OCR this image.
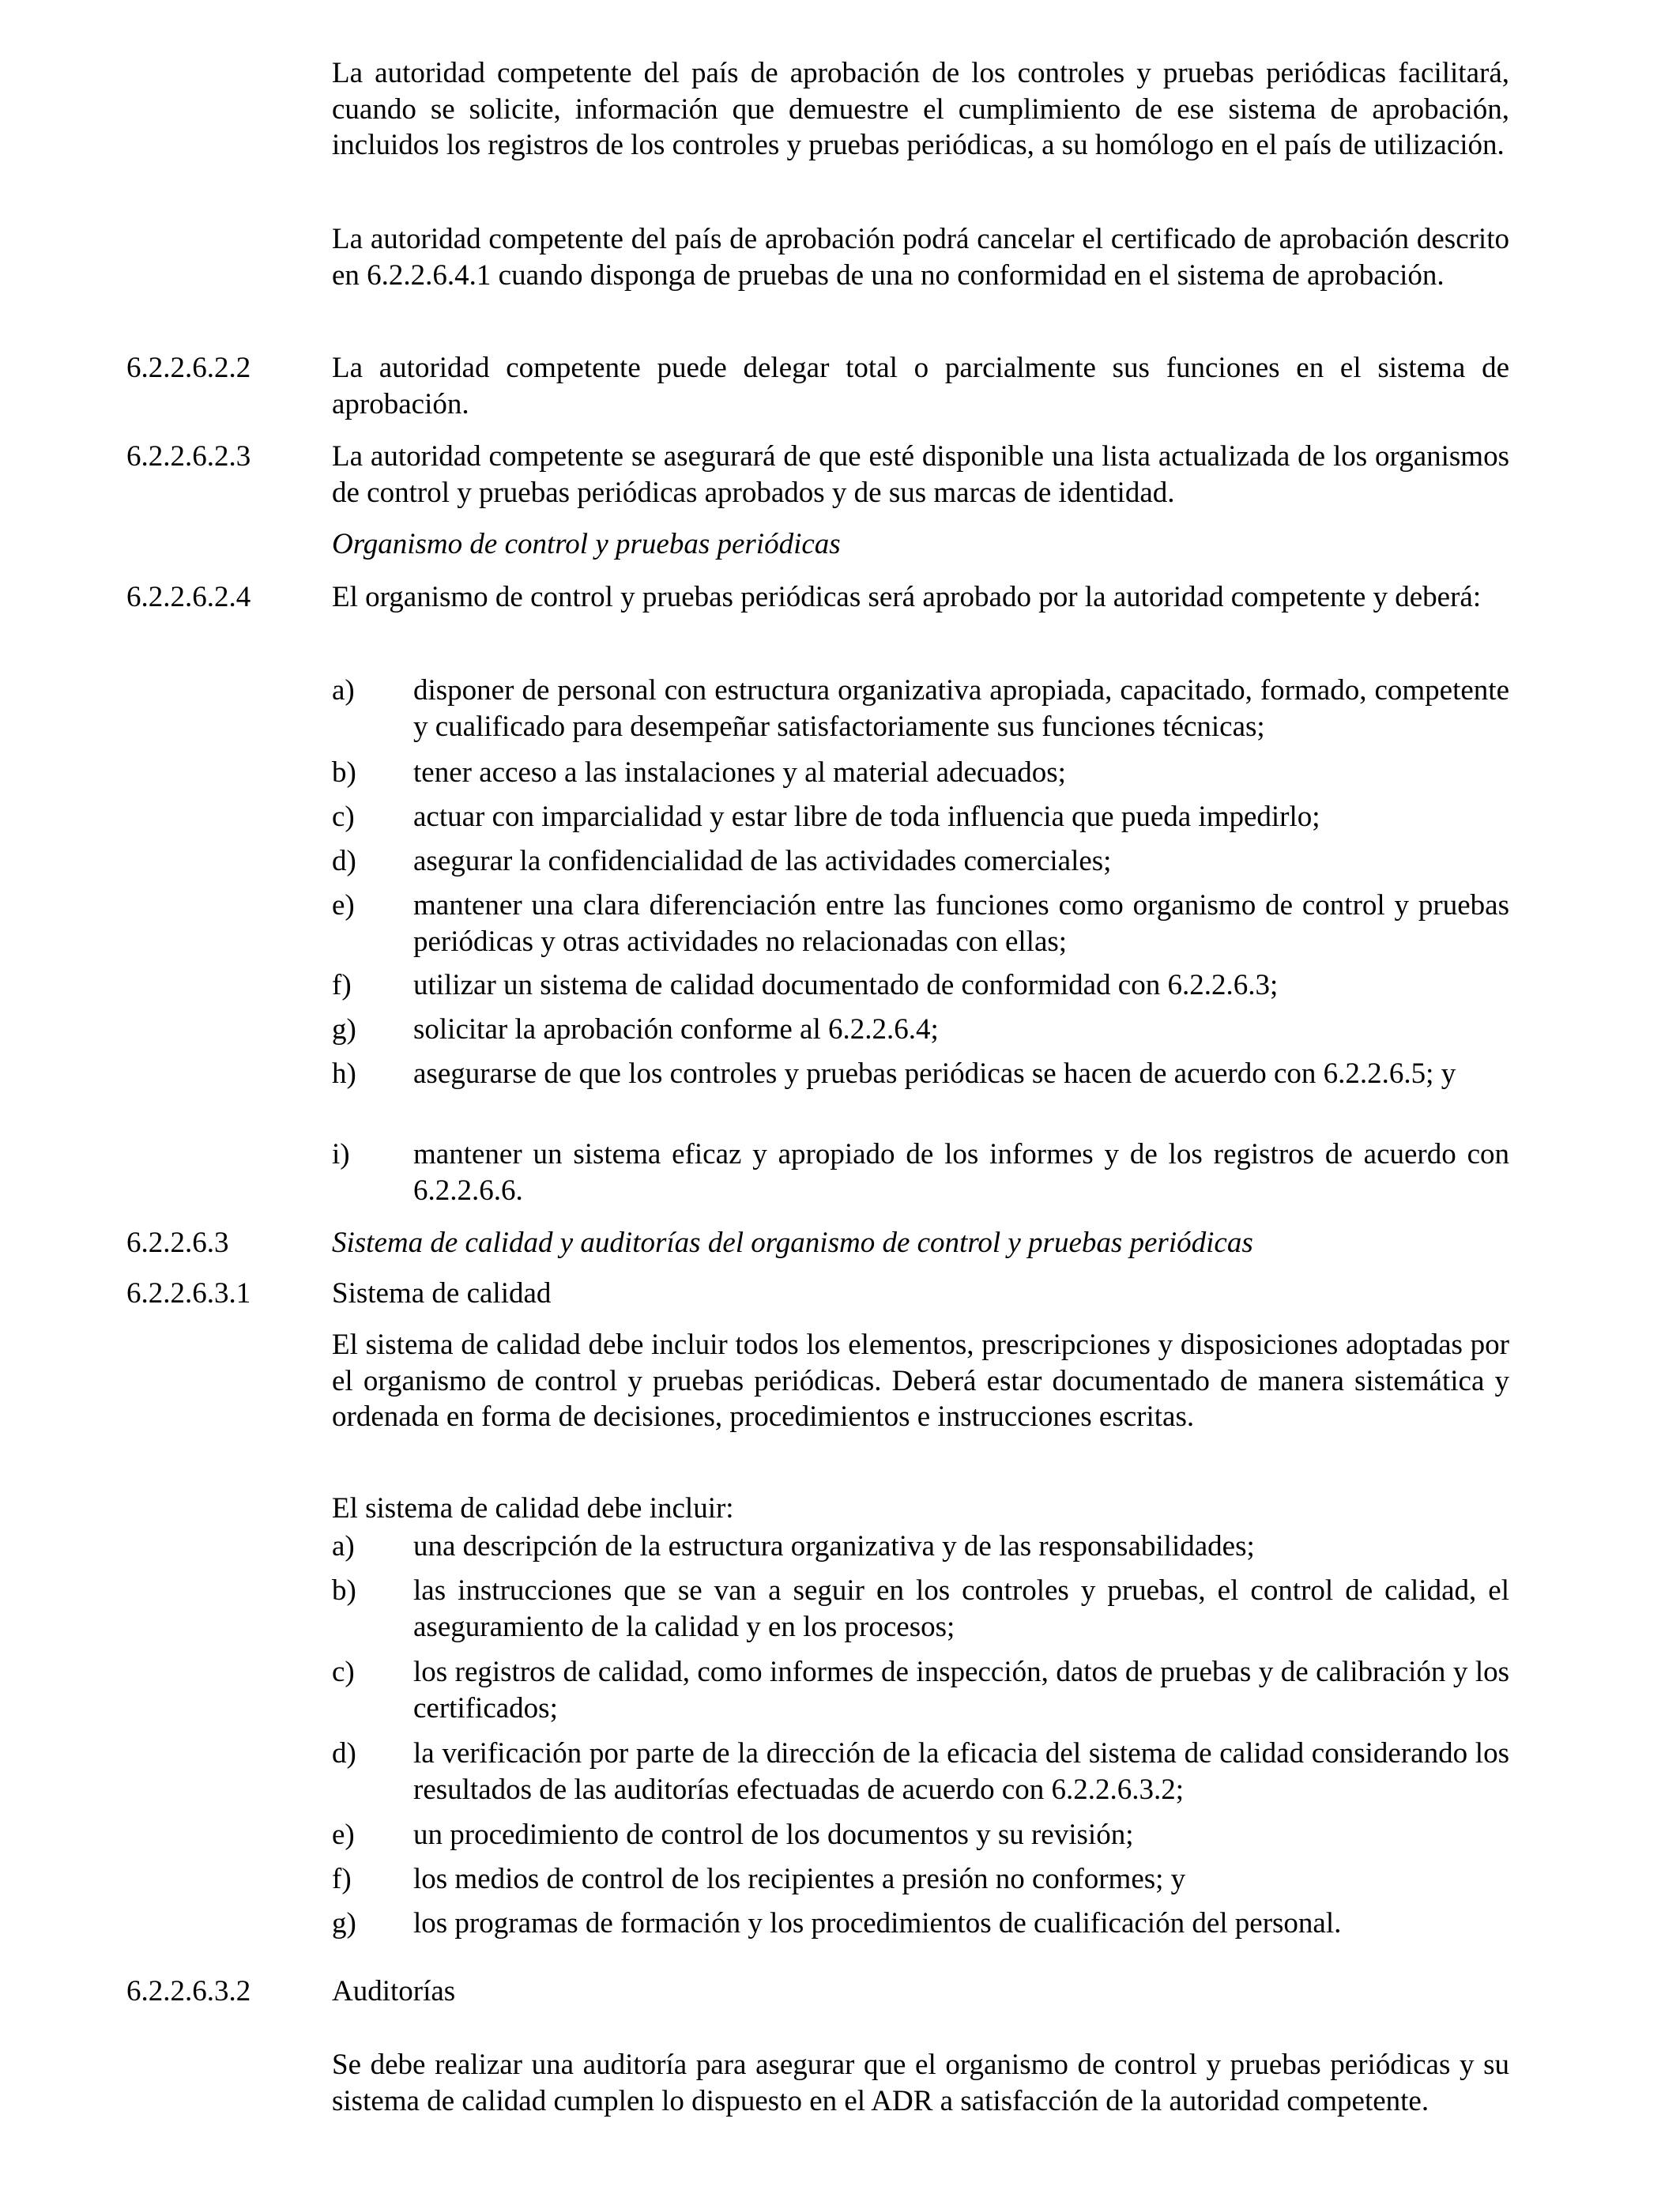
La autoridad competente del país de aprobación de los controles y pruebas periódicas facilitará, cuando se solicite, información que demuestre el cumplimiento de ese sistema de aprobación, incluidos los registros de los controles y pruebas periódicas, a su homólogo en el país de utilización.

La autoridad competente del país de aprobación podrá cancelar el certificado de aprobación descrito en 6.2.2.6.4.1 cuando disponga de pruebas de una no conformidad en el sistema de aprobación.

6.2.2.6.2.2	La autoridad competente puede delegar total o parcialmente sus funciones en el sistema de aprobación.

6.2.2.6.2.3	La autoridad competente se asegurará de que esté disponible una lista actualizada de los organismos de control y pruebas periódicas aprobados y de sus marcas de identidad.

Organismo de control y pruebas periódicas

6.2.2.6.2.4	El organismo de control y pruebas periódicas será aprobado por la autoridad competente y deberá:

a) disponer de personal con estructura organizativa apropiada, capacitado, formado, competente y cualificado para desempeñar satisfactoriamente sus funciones técnicas;
b) tener acceso a las instalaciones y al material adecuados;
c) actuar con imparcialidad y estar libre de toda influencia que pueda impedirlo;
d) asegurar la confidencialidad de las actividades comerciales;
e) mantener una clara diferenciación entre las funciones como organismo de control y pruebas periódicas y otras actividades no relacionadas con ellas;
f) utilizar un sistema de calidad documentado de conformidad con 6.2.2.6.3;
g) solicitar la aprobación conforme al 6.2.2.6.4;
h) asegurarse de que los controles y pruebas periódicas se hacen de acuerdo con 6.2.2.6.5; y
i) mantener un sistema eficaz y apropiado de los informes y de los registros de acuerdo con 6.2.2.6.6.

6.2.2.6.3	Sistema de calidad y auditorías del organismo de control y pruebas periódicas

6.2.2.6.3.1	Sistema de calidad

El sistema de calidad debe incluir todos los elementos, prescripciones y disposiciones adoptadas por el organismo de control y pruebas periódicas. Deberá estar documentado de manera sistemática y ordenada en forma de decisiones, procedimientos e instrucciones escritas.

El sistema de calidad debe incluir:

a) una descripción de la estructura organizativa y de las responsabilidades;
b) las instrucciones que se van a seguir en los controles y pruebas, el control de calidad, el aseguramiento de la calidad y en los procesos;
c) los registros de calidad, como informes de inspección, datos de pruebas y de calibración y los certificados;
d) la verificación por parte de la dirección de la eficacia del sistema de calidad considerando los resultados de las auditorías efectuadas de acuerdo con 6.2.2.6.3.2;
e) un procedimiento de control de los documentos y su revisión;
f) los medios de control de los recipientes a presión no conformes; y
g) los programas de formación y los procedimientos de cualificación del personal.

6.2.2.6.3.2	Auditorías

Se debe realizar una auditoría para asegurar que el organismo de control y pruebas periódicas y su sistema de calidad cumplen lo dispuesto en el ADR a satisfacción de la autoridad competente.
